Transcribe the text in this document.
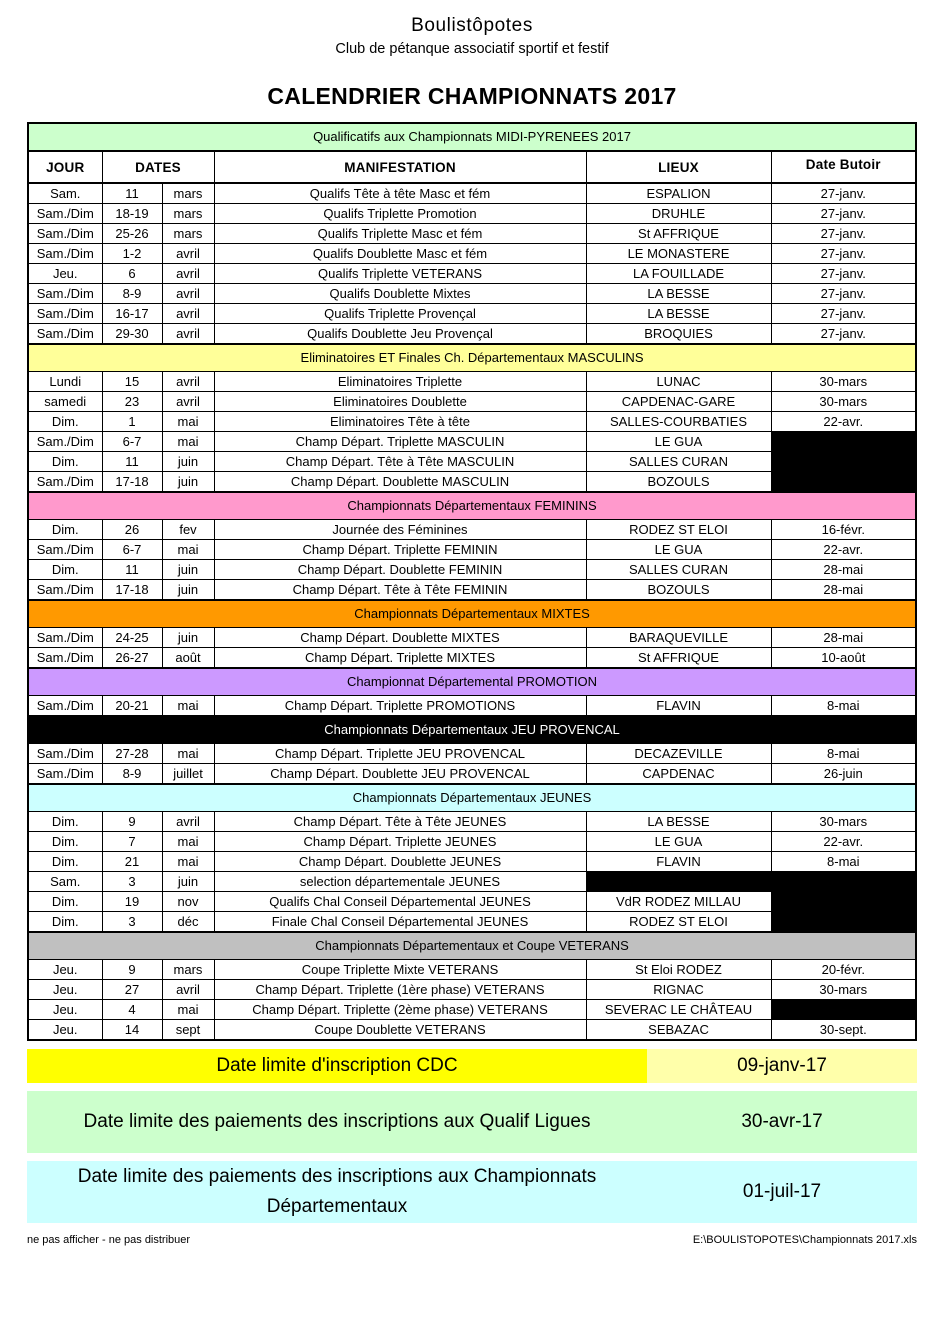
Boulistôpotes
Club de pétanque associatif sportif et festif
CALENDRIER CHAMPIONNATS 2017
Qualificatifs aux Championnats MIDI-PYRENEES 2017					
JOUR	DATES		MANIFESTATION	LIEUX	Date Butoir

Sam.	11	mars	Qualifs Tête à tête Masc et fém	ESPALION	27-janv.
Sam./Dim	18-19	mars	Qualifs Triplette Promotion	DRUHLE	27-janv.
Sam./Dim	25-26	mars	Qualifs Triplette Masc et fém	St AFFRIQUE	27-janv.
Sam./Dim	1-2	avril	Qualifs Doublette Masc et fém	LE MONASTERE	27-janv.
Jeu.	6	avril	Qualifs Triplette VETERANS	LA FOUILLADE	27-janv.
Sam./Dim	8-9	avril	Qualifs Doublette Mixtes	LA BESSE	27-janv.
Sam./Dim	16-17	avril	Qualifs Triplette Provençal	LA BESSE	27-janv.
Sam./Dim	29-30	avril	Qualifs Doublette Jeu Provençal	BROQUIES	27-janv.
Eliminatoires ET Finales Ch. Départementaux MASCULINS					
Lundi	15	avril	Eliminatoires Triplette	LUNAC	30-mars
samedi	23	avril	Eliminatoires Doublette	CAPDENAC-GARE	30-mars
Dim.	1	mai	Eliminatoires Tête à tête	SALLES-COURBATIES	22-avr.
Sam./Dim	6-7	mai	Champ Départ. Triplette MASCULIN	LE GUA	
Dim.	11	juin	Champ Départ. Tête à Tête MASCULIN	SALLES CURAN	
Sam./Dim	17-18	juin	Champ Départ. Doublette MASCULIN	BOZOULS	
Championnats Départementaux FEMININS					
Dim.	26	fev	Journée des Féminines	RODEZ ST ELOI	16-févr.
Sam./Dim	6-7	mai	Champ Départ. Triplette FEMININ	LE GUA	22-avr.
Dim.	11	juin	Champ Départ. Doublette FEMININ	SALLES CURAN	28-mai
Sam./Dim	17-18	juin	Champ Départ. Tête à Tête FEMININ	BOZOULS	28-mai
Championnats Départementaux MIXTES					
Sam./Dim	24-25	juin	Champ Départ. Doublette MIXTES	BARAQUEVILLE	28-mai
Sam./Dim	26-27	août	Champ Départ. Triplette MIXTES	St AFFRIQUE	10-août
Championnat Départemental PROMOTION					
Sam./Dim	20-21	mai	Champ Départ. Triplette PROMOTIONS	FLAVIN	8-mai
Championnats Départementaux JEU PROVENCAL					
Sam./Dim	27-28	mai	Champ Départ. Triplette JEU PROVENCAL	DECAZEVILLE	8-mai
Sam./Dim	8-9	juillet	Champ Départ. Doublette JEU PROVENCAL	CAPDENAC	26-juin
Championnats Départementaux JEUNES					
Dim.	9	avril	Champ Départ. Tête à Tête JEUNES	LA BESSE	30-mars
Dim.	7	mai	Champ Départ. Triplette JEUNES	LE GUA	22-avr.
Dim.	21	mai	Champ Départ. Doublette JEUNES	FLAVIN	8-mai
Sam.	3	juin	selection départementale JEUNES		
Dim.	19	nov	Qualifs Chal Conseil Départemental JEUNES	VdR RODEZ MILLAU	
Dim.	3	déc	Finale Chal Conseil Départemental JEUNES	RODEZ ST ELOI	
Championnats Départementaux et Coupe VETERANS					
Jeu.	9	mars	Coupe Triplette Mixte VETERANS	St Eloi RODEZ	20-févr.
Jeu.	27	avril	Champ Départ. Triplette (1ère phase) VETERANS	RIGNAC	30-mars
Jeu.	4	mai	Champ Départ. Triplette (2ème phase) VETERANS	SEVERAC LE CHÂTEAU	
Jeu.	14	sept	Coupe Doublette VETERANS	SEBAZAC	30-sept.
Date limite d'inscription CDC	09-janv-17
Date limite des paiements des inscriptions aux Qualif Ligues	30-avr-17
Date limite des paiements des inscriptions aux Championnats Départementaux
01-juil-17
ne pas afficher - ne pas distribuer	E:\BOULISTOPOTES\Championnats 2017.xls
